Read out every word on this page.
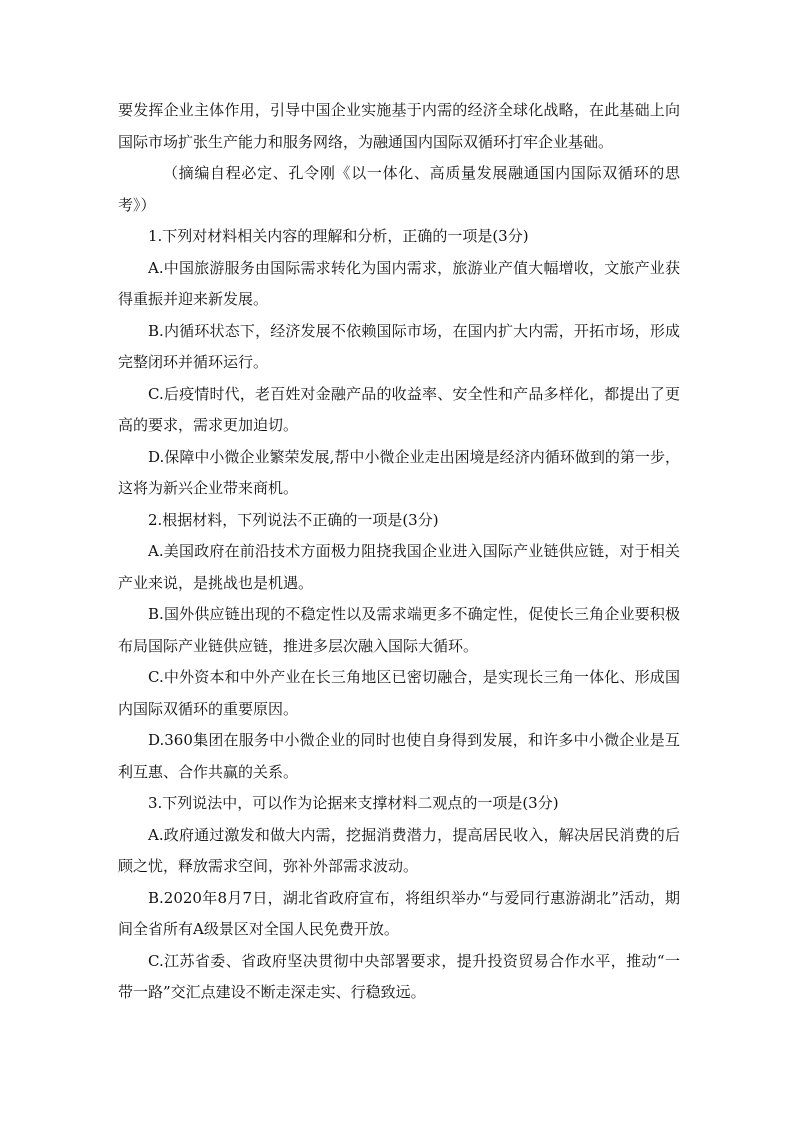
要发挥企业主体作用，引导中国企业实施基于内需的经济全球化战略，在此基础上向国际市场扩张生产能力和服务网络，为融通国内国际双循环打牢企业基础。

（摘编自程必定、孔令刚《以一体化、高质量发展融通国内国际双循环的思考》）

1.下列对材料相关内容的理解和分析，正确的一项是(3分)

A.中国旅游服务由国际需求转化为国内需求，旅游业产值大幅增收，文旅产业获得重振并迎来新发展。

B.内循环状态下，经济发展不依赖国际市场，在国内扩大内需，开拓市场，形成完整闭环并循环运行。

C.后疫情时代，老百姓对金融产品的收益率、安全性和产品多样化，都提出了更高的要求，需求更加迫切。

D.保障中小微企业繁荣发展,帮中小微企业走出困境是经济内循环做到的第一步，这将为新兴企业带来商机。

2.根据材料，下列说法不正确的一项是(3分)

A.美国政府在前沿技术方面极力阻挠我国企业进入国际产业链供应链，对于相关产业来说，是挑战也是机遇。

B.国外供应链出现的不稳定性以及需求端更多不确定性，促使长三角企业要积极布局国际产业链供应链，推进多层次融入国际大循环。

C.中外资本和中外产业在长三角地区已密切融合，是实现长三角一体化、形成国内国际双循环的重要原因。

D.360集团在服务中小微企业的同时也使自身得到发展，和许多中小微企业是互利互惠、合作共赢的关系。

3.下列说法中，可以作为论据来支撑材料二观点的一项是(3分)

A.政府通过激发和做大内需，挖掘消费潜力，提高居民收入，解决居民消费的后顾之忧，释放需求空间，弥补外部需求波动。

B.2020年8月7日，湖北省政府宣布，将组织举办“与爱同行惠游湖北”活动，期间全省所有A级景区对全国人民免费开放。

C.江苏省委、省政府坚决贯彻中央部署要求，提升投资贸易合作水平，推动“一带一路”交汇点建设不断走深走实、行稳致远。
